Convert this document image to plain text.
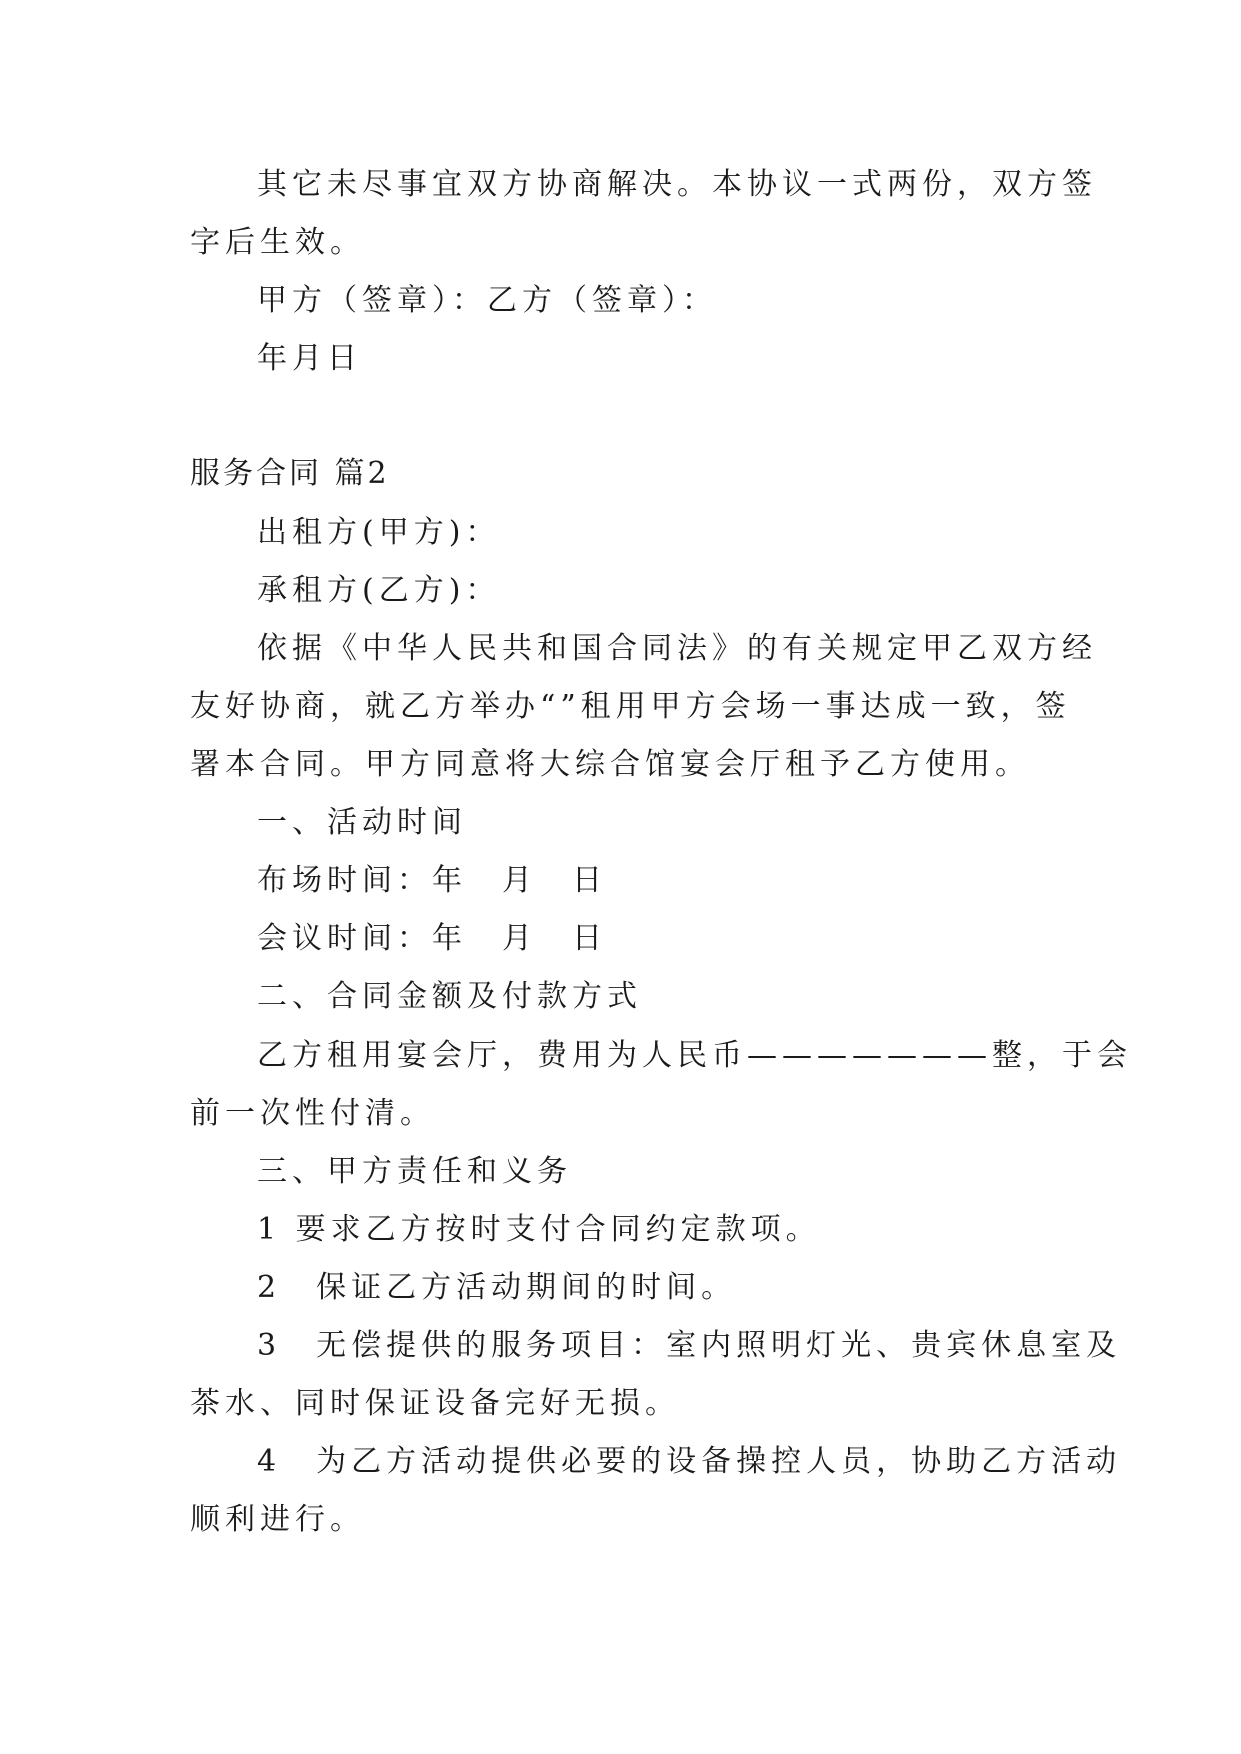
其它未尽事宜双方协商解决。本协议一式两份，双方签
字后生效。
甲方（签章）：乙方（签章）：
年月日
服务合同 篇2
出租方(甲方)：
承租方(乙方)：
依据《中华人民共和国合同法》的有关规定甲乙双方经
友好协商，就乙方举办“”租用甲方会场一事达成一致，签
署本合同。甲方同意将大综合馆宴会厅租予乙方使用。
一、活动时间
布场时间：年　月　日
会议时间：年　月　日
二、合同金额及付款方式
乙方租用宴会厅，费用为人民币———————整，于会
前一次性付清。
三、甲方责任和义务
1 要求乙方按时支付合同约定款项。
2　保证乙方活动期间的时间。
3　无偿提供的服务项目：室内照明灯光、贵宾休息室及
茶水、同时保证设备完好无损。
4　为乙方活动提供必要的设备操控人员，协助乙方活动
顺利进行。
